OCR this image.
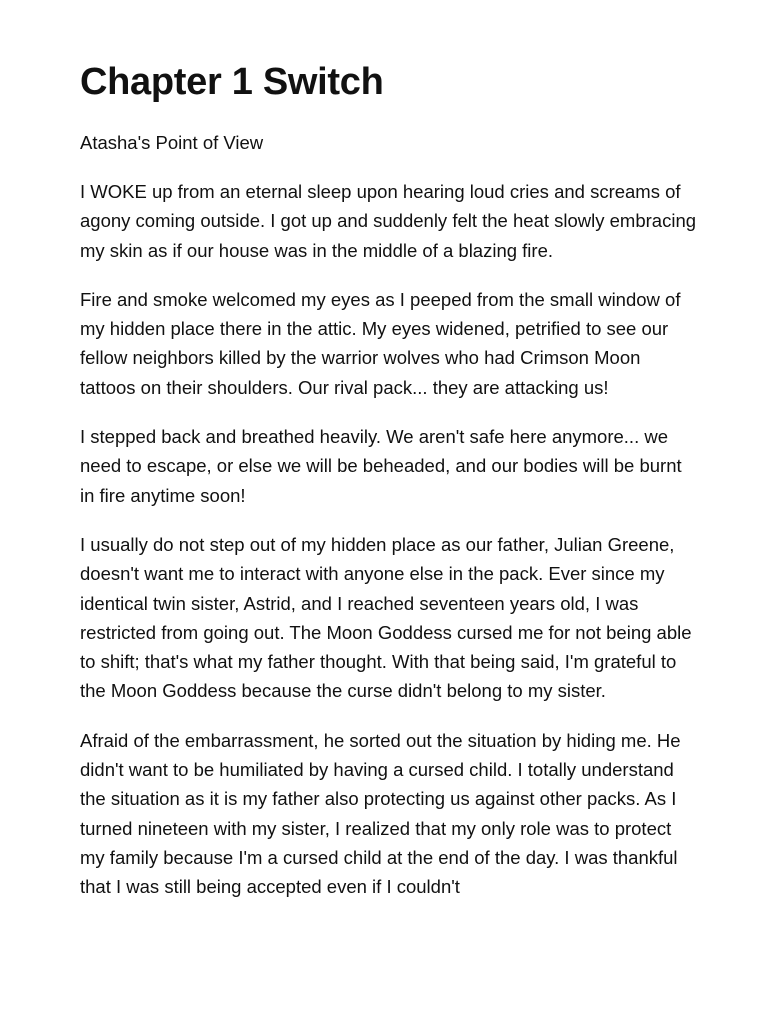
Chapter 1 Switch

Atasha's Point of View

I WOKE up from an eternal sleep upon hearing loud cries and screams of agony coming outside. I got up and suddenly felt the heat slowly embracing my skin as if our house was in the middle of a blazing fire.

Fire and smoke welcomed my eyes as I peeped from the small window of my hidden place there in the attic. My eyes widened, petrified to see our fellow neighbors killed by the warrior wolves who had Crimson Moon tattoos on their shoulders. Our rival pack... they are attacking us!

I stepped back and breathed heavily. We aren't safe here anymore... we need to escape, or else we will be beheaded, and our bodies will be burnt in fire anytime soon!

I usually do not step out of my hidden place as our father, Julian Greene, doesn't want me to interact with anyone else in the pack. Ever since my identical twin sister, Astrid, and I reached seventeen years old, I was restricted from going out. The Moon Goddess cursed me for not being able to shift; that's what my father thought. With that being said, I'm grateful to the Moon Goddess because the curse didn't belong to my sister.

Afraid of the embarrassment, he sorted out the situation by hiding me. He didn't want to be humiliated by having a cursed child. I totally understand the situation as it is my father also protecting us against other packs. As I turned nineteen with my sister, I realized that my only role was to protect my family because I'm a cursed child at the end of the day. I was thankful that I was still being accepted even if I couldn't
